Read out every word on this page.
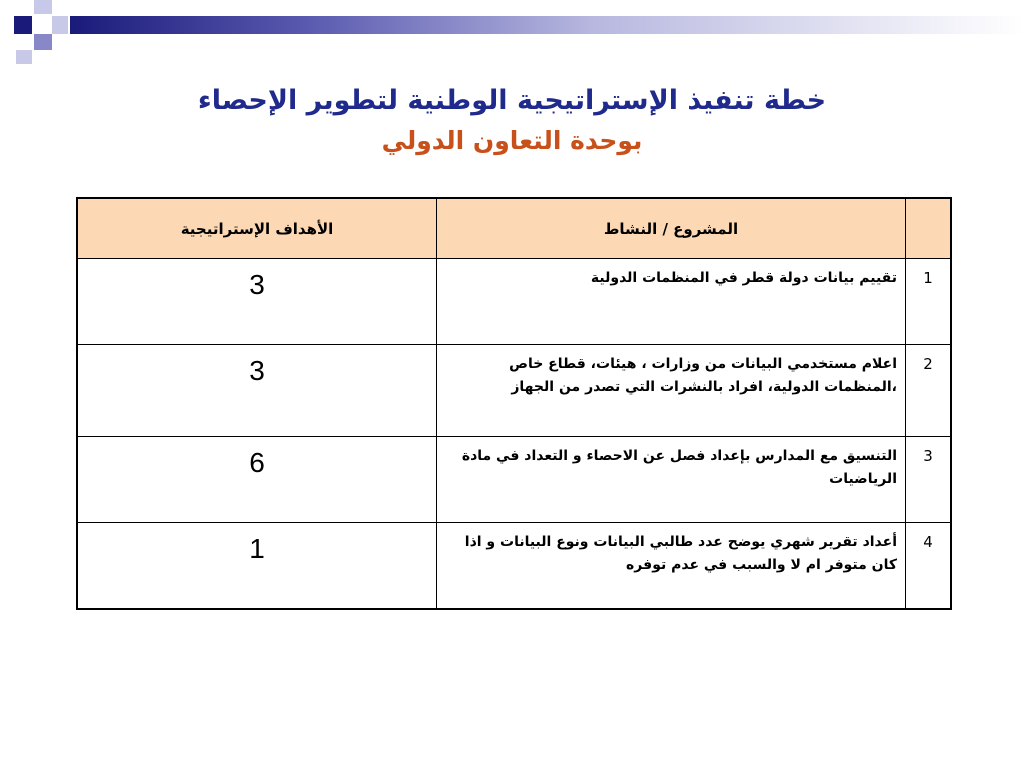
خطة تنفيذ الإستراتيجية الوطنية لتطوير الإحصاء
بوحدة التعاون الدولي
	المشروع / النشاط	الأهداف الإستراتيجية
1	تقييم بيانات دولة قطر في المنظمات الدولية	3
2	اعلام مستخدمي البيانات من وزارات ، هيئات، قطاع خاص ،المنظمات الدولية، افراد بالنشرات التي تصدر من الجهاز	3
3	التنسيق مع المدارس بإعداد فصل عن الاحصاء و التعداد في مادة الرياضيات	6
4	أعداد تقرير شهري يوضح عدد طالبي البيانات ونوع البيانات و اذا كان متوفر ام لا والسبب في عدم توفره	1
